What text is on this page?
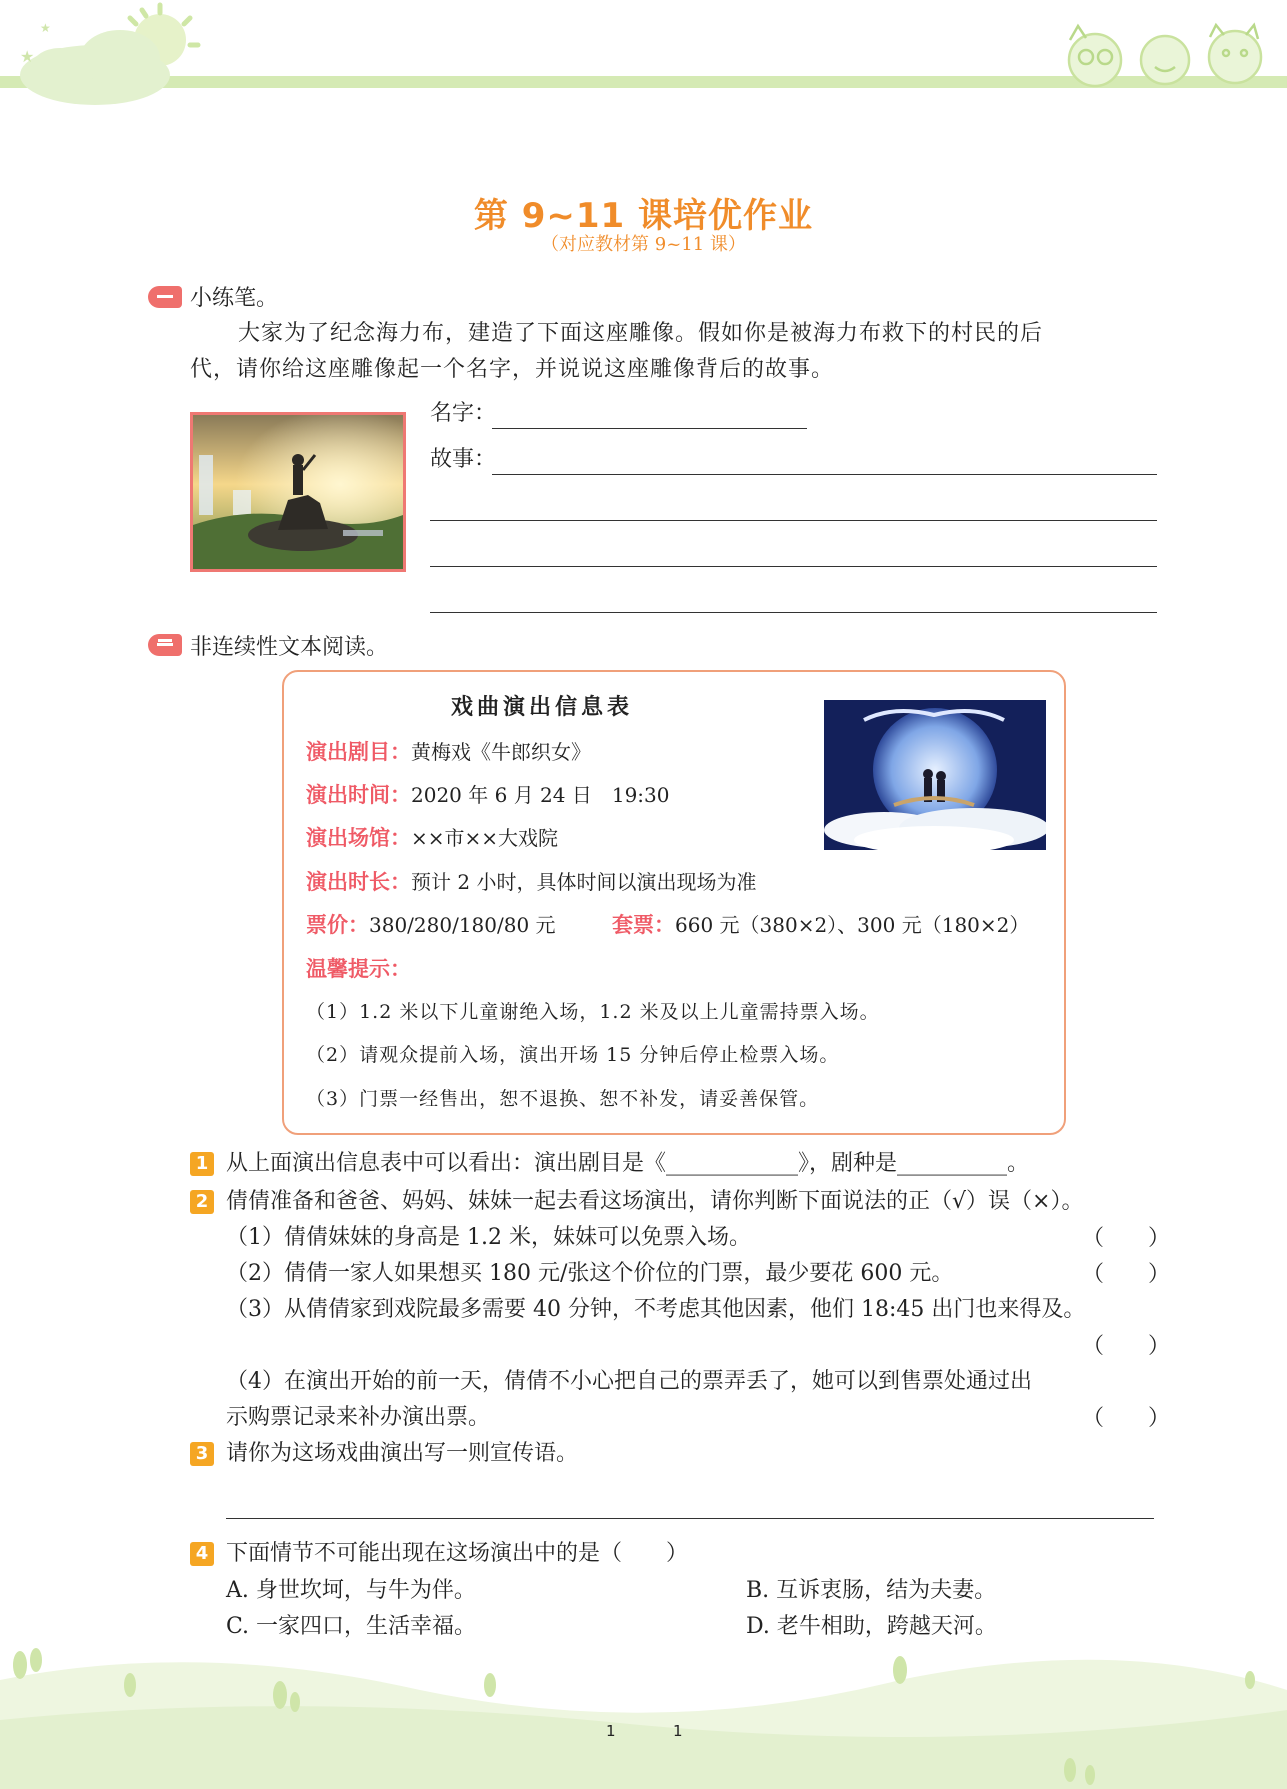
★
★
第 9~11 课培优作业
（对应教材第 9~11 课）
小练笔。
大家为了纪念海力布，建造了下面这座雕像。假如你是被海力布救下的村民的后
代，请你给这座雕像起一个名字，并说说这座雕像背后的故事。
名字：
故事：
非连续性文本阅读。
戏曲演出信息表
演出剧目：黄梅戏《牛郎织女》
演出时间：2020 年 6 月 24 日　19:30
演出场馆：××市××大戏院
演出时长：预计 2 小时，具体时间以演出现场为准
票价：380/280/180/80 元	套票：660 元（380×2）、300 元（180×2）
温馨提示：
（1）1.2 米以下儿童谢绝入场，1.2 米及以上儿童需持票入场。
（2）请观众提前入场，演出开场 15 分钟后停止检票入场。
（3）门票一经售出，恕不退换、恕不补发，请妥善保管。
1 从上面演出信息表中可以看出：演出剧目是《____________》，剧种是__________。
2 倩倩准备和爸爸、妈妈、妹妹一起去看这场演出，请你判断下面说法的正（√）误（×）。
（1）倩倩妹妹的身高是 1.2 米，妹妹可以免票入场。	（　　）
（2）倩倩一家人如果想买 180 元/张这个价位的门票，最少要花 600 元。	（　　）
（3）从倩倩家到戏院最多需要 40 分钟，不考虑其他因素，他们 18:45 出门也来得及。
（　　）
（4）在演出开始的前一天，倩倩不小心把自己的票弄丢了，她可以到售票处通过出
示购票记录来补办演出票。	（　　）
3 请你为这场戏曲演出写一则宣传语。
4 下面情节不可能出现在这场演出中的是（　　）
A. 身世坎坷，与牛为伴。	B. 互诉衷肠，结为夫妻。
C. 一家四口，生活幸福。	D. 老牛相助，跨越天河。
1	1
